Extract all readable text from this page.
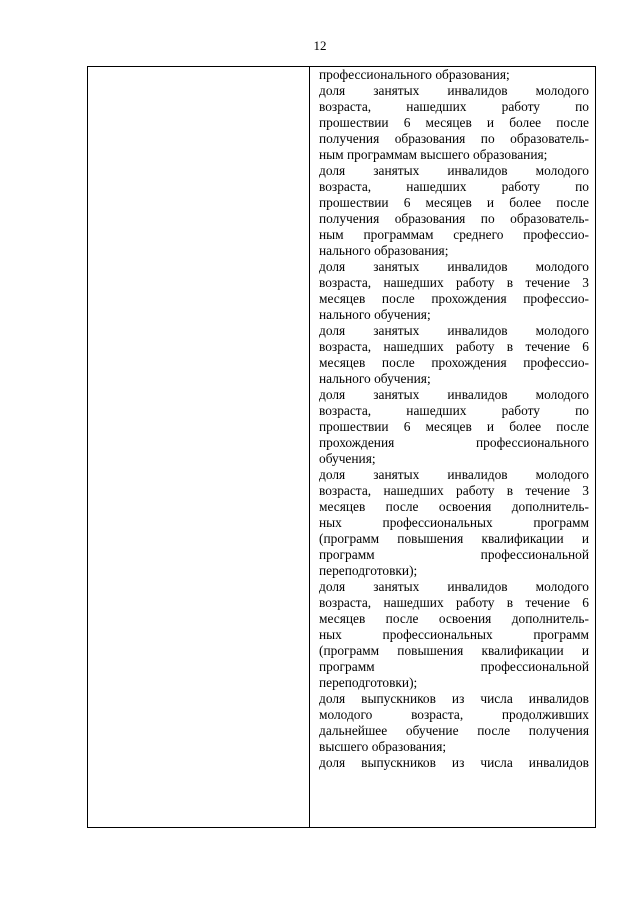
12
профессионального образования;
доля занятых инвалидов молодого
возраста, нашедших работу по
прошествии 6 месяцев и более после
получения образования по образователь-
ным программам высшего образования;
доля занятых инвалидов молодого
возраста, нашедших работу по
прошествии 6 месяцев и более после
получения образования по образователь-
ным программам среднего профессио-
нального образования;
доля занятых инвалидов молодого
возраста, нашедших работу в течение 3
месяцев после прохождения профессио-
нального обучения;
доля занятых инвалидов молодого
возраста, нашедших работу в течение 6
месяцев после прохождения профессио-
нального обучения;
доля занятых инвалидов молодого
возраста, нашедших работу по
прошествии 6 месяцев и более после
прохождения профессионального
обучения;
доля занятых инвалидов молодого
возраста, нашедших работу в течение 3
месяцев после освоения дополнитель-
ных профессиональных программ
(программ повышения квалификации и
программ профессиональной
переподготовки);
доля занятых инвалидов молодого
возраста, нашедших работу в течение 6
месяцев после освоения дополнитель-
ных профессиональных программ
(программ повышения квалификации и
программ профессиональной
переподготовки);
доля выпускников из числа инвалидов
молодого возраста, продолживших
дальнейшее обучение после получения
высшего образования;
доля выпускников из числа инвалидов
